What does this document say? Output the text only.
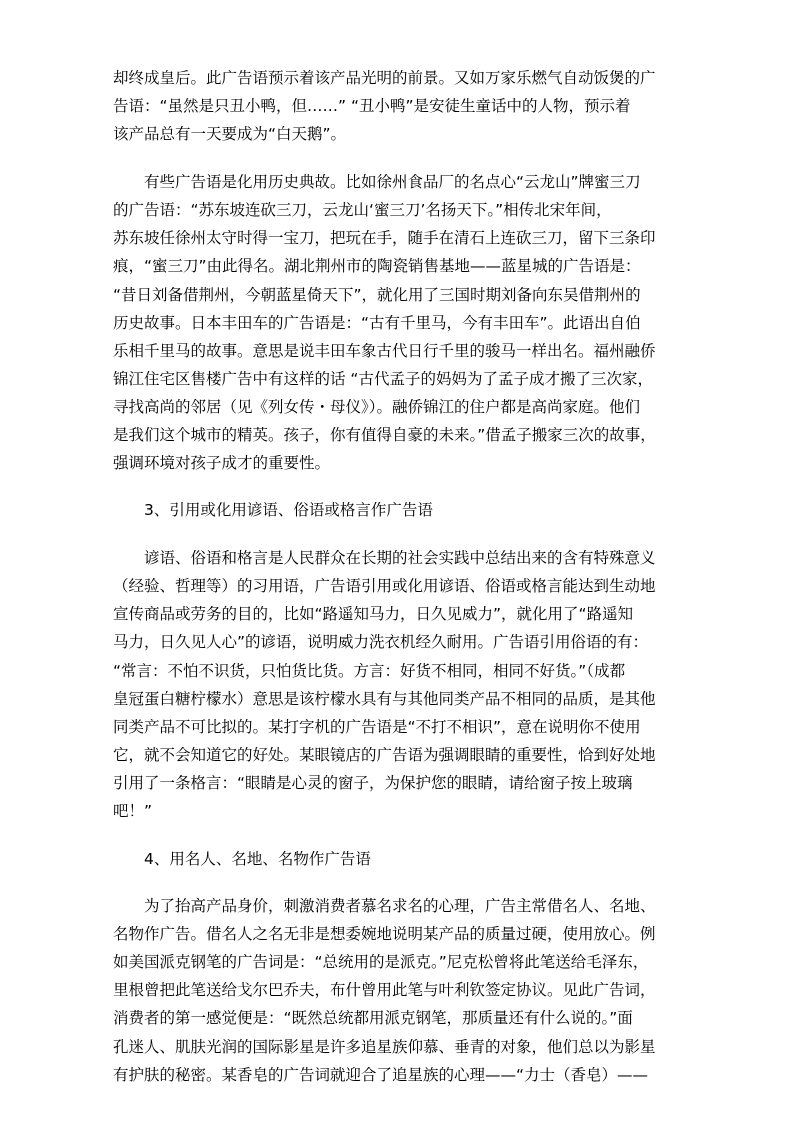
却终成皇后。此广告语预示着该产品光明的前景。又如万家乐燃气自动饭煲的广
告语：“虽然是只丑小鸭，但……” “丑小鸭”是安徒生童话中的人物，预示着
该产品总有一天要成为“白天鹅”。
　　有些广告语是化用历史典故。比如徐州食品厂的名点心“云龙山”牌蜜三刀
的广告语：“苏东坡连砍三刀，云龙山‘蜜三刀’名扬天下。”相传北宋年间，
苏东坡任徐州太守时得一宝刀，把玩在手，随手在清石上连砍三刀，留下三条印
痕，“蜜三刀”由此得名。湖北荆州市的陶瓷销售基地——蓝星城的广告语是：
“昔日刘备借荆州，今朝蓝星倚天下”，就化用了三国时期刘备向东吴借荆州的
历史故事。日本丰田车的广告语是：“古有千里马，今有丰田车”。此语出自伯
乐相千里马的故事。意思是说丰田车象古代日行千里的骏马一样出名。福州融侨
锦江住宅区售楼广告中有这样的话 “古代孟子的妈妈为了孟子成才搬了三次家，
寻找高尚的邻居（见《列女传・母仪》）。融侨锦江的住户都是高尚家庭。他们
是我们这个城市的精英。孩子，你有值得自豪的未来。”借孟子搬家三次的故事，
强调环境对孩子成才的重要性。
　　3、引用或化用谚语、俗语或格言作广告语
　　谚语、俗语和格言是人民群众在长期的社会实践中总结出来的含有特殊意义
（经验、哲理等）的习用语，广告语引用或化用谚语、俗语或格言能达到生动地
宣传商品或劳务的目的，比如“路遥知马力，日久见威力”，就化用了“路遥知
马力，日久见人心”的谚语，说明威力洗衣机经久耐用。广告语引用俗语的有：
“常言：不怕不识货，只怕货比货。方言：好货不相同，相同不好货。”（成都
皇冠蛋白糖柠檬水）意思是该柠檬水具有与其他同类产品不相同的品质，是其他
同类产品不可比拟的。某打字机的广告语是“不打不相识”，意在说明你不使用
它，就不会知道它的好处。某眼镜店的广告语为强调眼睛的重要性，恰到好处地
引用了一条格言：“眼睛是心灵的窗子，为保护您的眼睛，请给窗子按上玻璃
吧！”
　　4、用名人、名地、名物作广告语
　　为了抬高产品身价，刺激消费者慕名求名的心理，广告主常借名人、名地、
名物作广告。借名人之名无非是想委婉地说明某产品的质量过硬，使用放心。例
如美国派克钢笔的广告词是：“总统用的是派克。”尼克松曾将此笔送给毛泽东，
里根曾把此笔送给戈尔巴乔夫，布什曾用此笔与叶利钦签定协议。见此广告词，
消费者的第一感觉便是：“既然总统都用派克钢笔，那质量还有什么说的。”面
孔迷人、肌肤光润的国际影星是许多追星族仰慕、垂青的对象，他们总以为影星
有护肤的秘密。某香皂的广告词就迎合了追星族的心理——“力士（香皂）——
